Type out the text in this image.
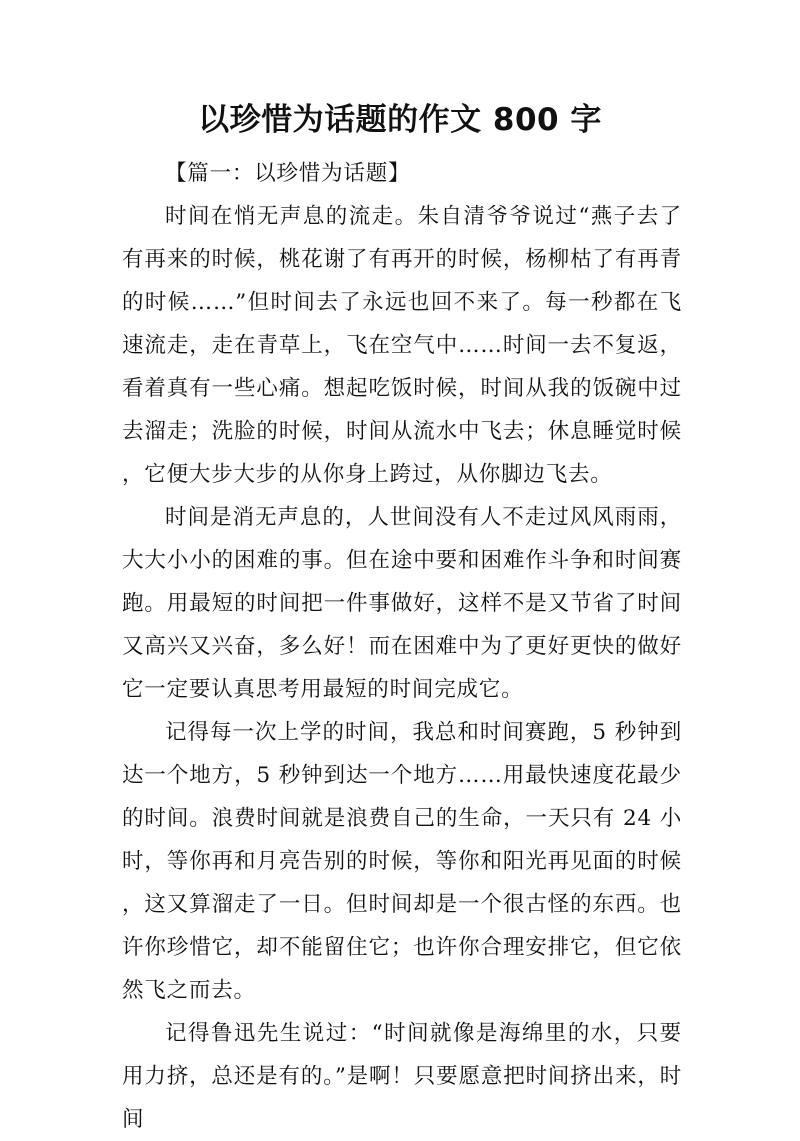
以珍惜为话题的作文 800 字

【篇一：以珍惜为话题】

时间在悄无声息的流走。朱自清爷爷说过“燕子去了有再来的时候，桃花谢了有再开的时候，杨柳枯了有再青的时候……”但时间去了永远也回不来了。每一秒都在飞速流走，走在青草上，飞在空气中……时间一去不复返，看着真有一些心痛。想起吃饭时候，时间从我的饭碗中过去溜走；洗脸的时候，时间从流水中飞去；休息睡觉时候，它便大步大步的从你身上跨过，从你脚边飞去。

时间是消无声息的，人世间没有人不走过风风雨雨，大大小小的困难的事。但在途中要和困难作斗争和时间赛跑。用最短的时间把一件事做好，这样不是又节省了时间又高兴又兴奋，多么好！而在困难中为了更好更快的做好它一定要认真思考用最短的时间完成它。

记得每一次上学的时间，我总和时间赛跑，5 秒钟到达一个地方，5 秒钟到达一个地方……用最快速度花最少的时间。浪费时间就是浪费自己的生命，一天只有 24 小时，等你再和月亮告别的时候，等你和阳光再见面的时候，这又算溜走了一日。但时间却是一个很古怪的东西。也许你珍惜它，却不能留住它；也许你合理安排它，但它依然飞之而去。

记得鲁迅先生说过：“时间就像是海绵里的水，只要用力挤，总还是有的。”是啊！只要愿意把时间挤出来，时间
